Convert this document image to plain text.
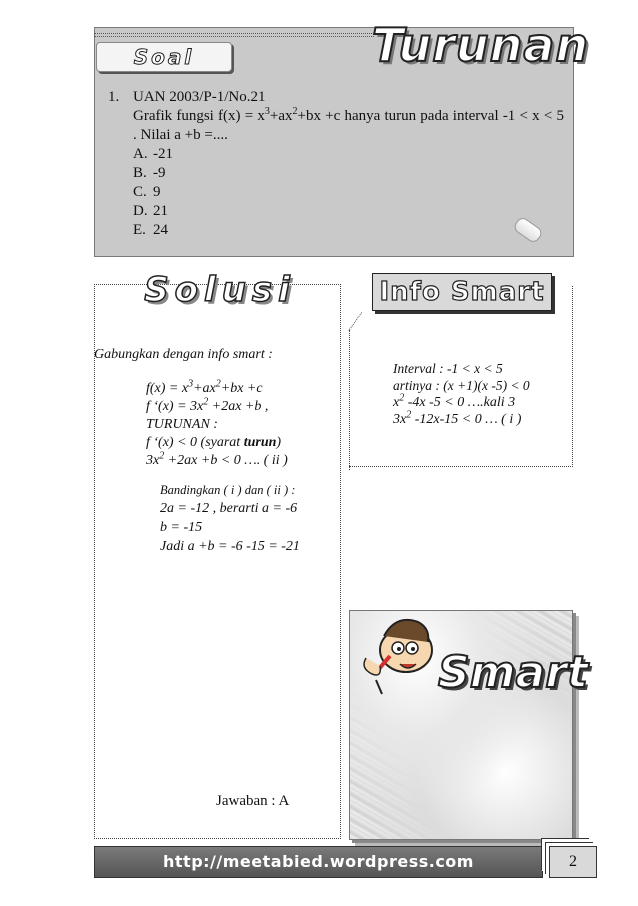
Soal	Turunan
1. UAN 2003/P-1/No.21
Grafik fungsi $f(x) = x^3+ax^2+bx +c$ hanya turun pada interval -1 < x < 5 . Nilai a +b =....
A. -21
B. -9
C. 9
D. 21
E. 24
Solusi
Gabungkan dengan info smart :
$f(x) = x^3+ax^2+bx +c$
f ‘$(x) = 3x^2 +2ax +b$ ,
TURUNAN :
f ‘(x) < 0 (syarat turun)
$3x^2 +2ax +b < 0$ …. ( ii )
Bandingkan ( i ) dan ( ii ) :
2a = -12 , berarti a = -6
b = -15
Jadi a +b = -6 -15 = -21
Jawaban : A
Info Smart
Interval : -1 < x < 5
artinya : (x +1)(x -5) < 0
$x^2$ -4x -5 < 0 ….kali 3
$3x^2$ -12x-15 < 0 … ( i )
Smart
http://meetabied.wordpress.com	2
